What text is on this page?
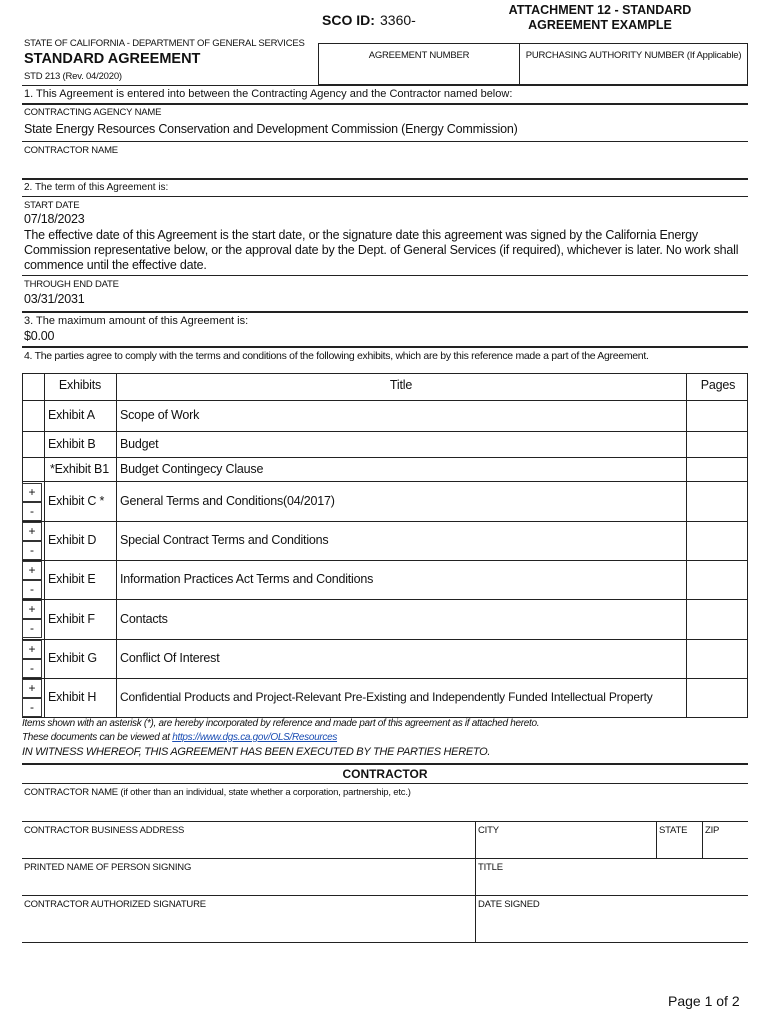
SCO ID: 3360-
ATTACHMENT 12 - STANDARD
AGREEMENT EXAMPLE
STATE OF CALIFORNIA - DEPARTMENT OF GENERAL SERVICES
STANDARD AGREEMENT
STD 213 (Rev. 04/2020)
AGREEMENT NUMBER	PURCHASING AUTHORITY NUMBER (If Applicable)
1. This Agreement is entered into between the Contracting Agency and the Contractor named below:
CONTRACTING AGENCY NAME
State Energy Resources Conservation and Development Commission (Energy Commission)
CONTRACTOR NAME
2. The term of this Agreement is:
START DATE
07/18/2023
The effective date of this Agreement is the start date, or the signature date this agreement was signed by the California Energy
Commission representative below, or the approval date by the Dept. of General Services (if required), whichever is later. No work shall
commence until the effective date.
THROUGH END DATE
03/31/2031
3. The maximum amount of this Agreement is:
$0.00
4. The parties agree to comply with the terms and conditions of the following exhibits, which are by this reference made a part of the Agreement.
Exhibits	Title	Pages
Exhibit A Scope of Work
Exhibit B Budget
*Exhibit B1 Budget Contingecy Clause
+
-
Exhibit C * General Terms and Conditions(04/2017)
+
-
Exhibit D Special Contract Terms and Conditions
+
-
Exhibit E Information Practices Act Terms and Conditions
+
-
Exhibit F Contacts
+
-
Exhibit G Conflict Of Interest
+
-
Exhibit H Confidential Products and Project-Relevant Pre-Existing and Independently Funded Intellectual Property
Items shown with an asterisk (*), are hereby incorporated by reference and made part of this agreement as if attached hereto.
These documents can be viewed at https://www.dgs.ca.gov/OLS/Resources
IN WITNESS WHEREOF, THIS AGREEMENT HAS BEEN EXECUTED BY THE PARTIES HERETO.
CONTRACTOR
CONTRACTOR NAME (if other than an individual, state whether a corporation, partnership, etc.)
CONTRACTOR BUSINESS ADDRESS	CITY	STATE ZIP
PRINTED NAME OF PERSON SIGNING	TITLE
CONTRACTOR AUTHORIZED SIGNATURE	DATE SIGNED
Page 1 of 2
